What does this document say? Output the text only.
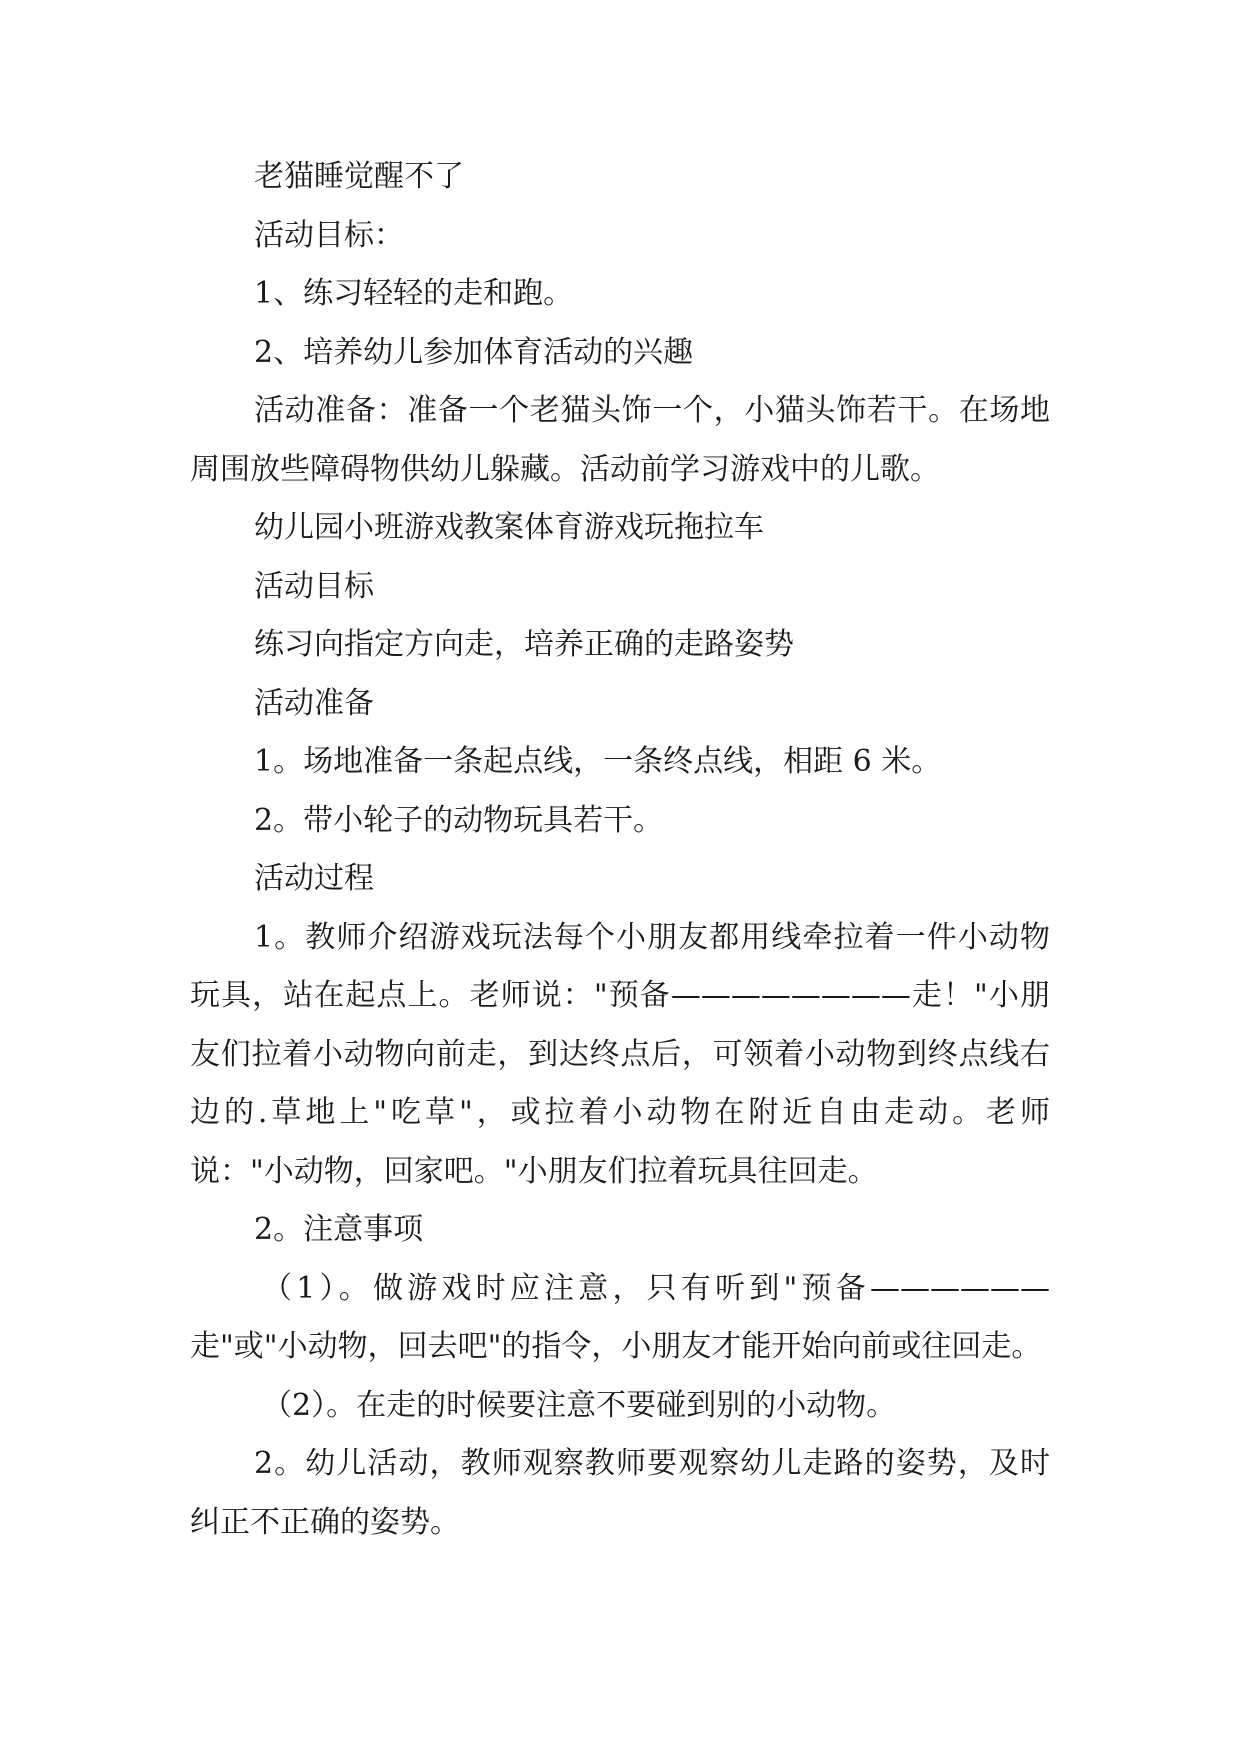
老猫睡觉醒不了

活动目标：

1、练习轻轻的走和跑。

2、培养幼儿参加体育活动的兴趣

活动准备：准备一个老猫头饰一个，小猫头饰若干。在场地周围放些障碍物供幼儿躲藏。活动前学习游戏中的儿歌。

幼儿园小班游戏教案体育游戏玩拖拉车

活动目标

练习向指定方向走，培养正确的走路姿势

活动准备

1。场地准备一条起点线，一条终点线，相距 6 米。

2。带小轮子的动物玩具若干。

活动过程

1。教师介绍游戏玩法每个小朋友都用线牵拉着一件小动物玩具，站在起点上。老师说："预备————————走！"小朋友们拉着小动物向前走，到达终点后，可领着小动物到终点线右边的.草地上"吃草"，或拉着小动物在附近自由走动。老师说："小动物，回家吧。"小朋友们拉着玩具往回走。

2。注意事项

（1）。做游戏时应注意，只有听到"预备——————走"或"小动物，回去吧"的指令，小朋友才能开始向前或往回走。

（2）。在走的时候要注意不要碰到别的小动物。

2。幼儿活动，教师观察教师要观察幼儿走路的姿势，及时纠正不正确的姿势。
